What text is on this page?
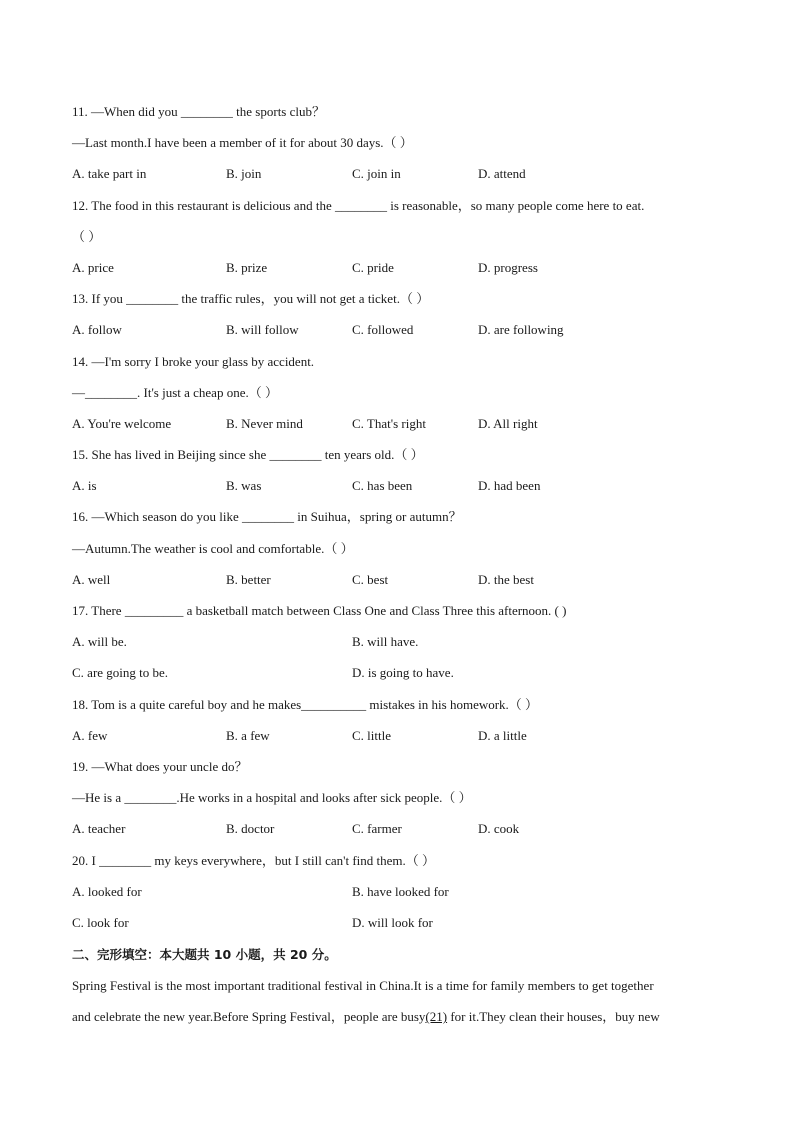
11. —When did you ________ the sports club？
—Last month.I have been a member of it for about 30 days.（ ）
A. take part in	B. join	C. join in	D. attend
12. The food in this restaurant is delicious and the ________ is reasonable，so many people come here to eat.
（ ）
A. price	B. prize	C. pride	D. progress
13. If you ________ the traffic rules，you will not get a ticket.（ ）
A. follow	B. will follow	C. followed	D. are following
14. —I'm sorry I broke your glass by accident.
—________. It's just a cheap one.（ ）
A. You're welcome	B. Never mind	C. That's right	D. All right
15. She has lived in Beijing since she ________ ten years old.（ ）
A. is	B. was	C. has been	D. had been
16. —Which season do you like ________ in Suihua，spring or autumn？
—Autumn.The weather is cool and comfortable.（ ）
A. well	B. better	C. best	D. the best
17. There _________ a basketball match between Class One and Class Three this afternoon. ( )
A. will be.	B. will have.
C. are going to be.	D. is going to have.
18. Tom is a quite careful boy and he makes__________ mistakes in his homework.（ ）
A. few	B. a few	C. little	D. a little
19. —What does your uncle do？
—He is a ________.He works in a hospital and looks after sick people.（ ）
A. teacher	B. doctor	C. farmer	D. cook
20. I ________ my keys everywhere，but I still can't find them.（ ）
A. looked for	B. have looked for
C. look for	D. will look for
二、完形填空：本大题共 10 小题，共 20 分。
Spring Festival is the most important traditional festival in China.It is a time for family members to get together
and celebrate the new year.Before Spring Festival，people are busy(21) for it.They clean their houses，buy new
